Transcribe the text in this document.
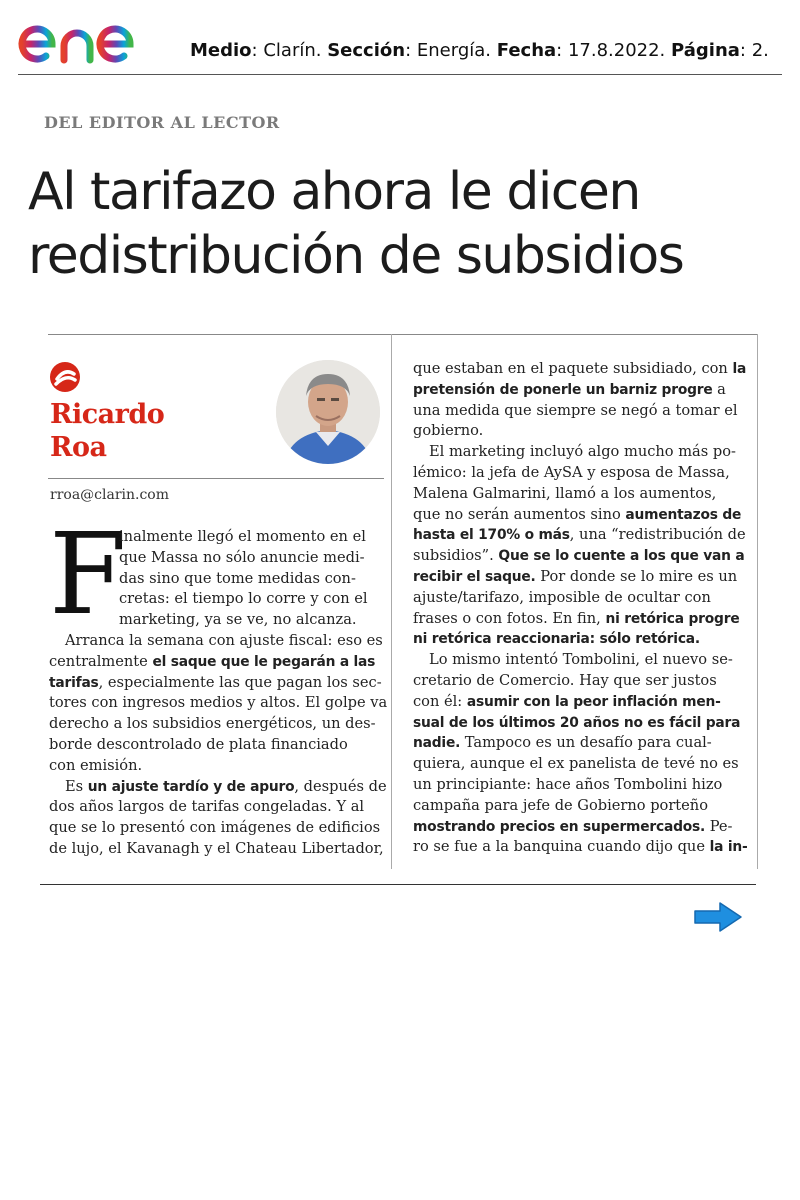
Medio: Clarín. Sección: Energía. Fecha: 17.8.2022. Página: 2.
DEL EDITOR AL LECTOR
Al tarifazo ahora le dicen
redistribución de subsidios
Ricardo
Roa
rroa@clarin.com
F
inalmente llegó el momento en el
que Massa no sólo anuncie medi-
das sino que tome medidas con-
cretas: el tiempo lo corre y con el
marketing, ya se ve, no alcanza.
Arranca la semana con ajuste fiscal: eso es
centralmente el saque que le pegarán a las
tarifas, especialmente las que pagan los sec-
tores con ingresos medios y altos. El golpe va
derecho a los subsidios energéticos, un des-
borde descontrolado de plata financiado
con emisión.
Es un ajuste tardío y de apuro, después de
dos años largos de tarifas congeladas. Y al
que se lo presentó con imágenes de edificios
de lujo, el Kavanagh y el Chateau Libertador,
que estaban en el paquete subsidiado, con la
pretensión de ponerle un barniz progre a
una medida que siempre se negó a tomar el
gobierno.
El marketing incluyó algo mucho más po-
lémico: la jefa de AySA y esposa de Massa,
Malena Galmarini, llamó a los aumentos,
que no serán aumentos sino aumentazos de
hasta el 170% o más, una “redistribución de
subsidios”. Que se lo cuente a los que van a
recibir el saque. Por donde se lo mire es un
ajuste/tarifazo, imposible de ocultar con
frases o con fotos. En fin, ni retórica progre
ni retórica reaccionaria: sólo retórica.
Lo mismo intentó Tombolini, el nuevo se-
cretario de Comercio. Hay que ser justos
con él: asumir con la peor inflación men-
sual de los últimos 20 años no es fácil para
nadie. Tampoco es un desafío para cual-
quiera, aunque el ex panelista de tevé no es
un principiante: hace años Tombolini hizo
campaña para jefe de Gobierno porteño
mostrando precios en supermercados. Pe-
ro se fue a la banquina cuando dijo que la in-
